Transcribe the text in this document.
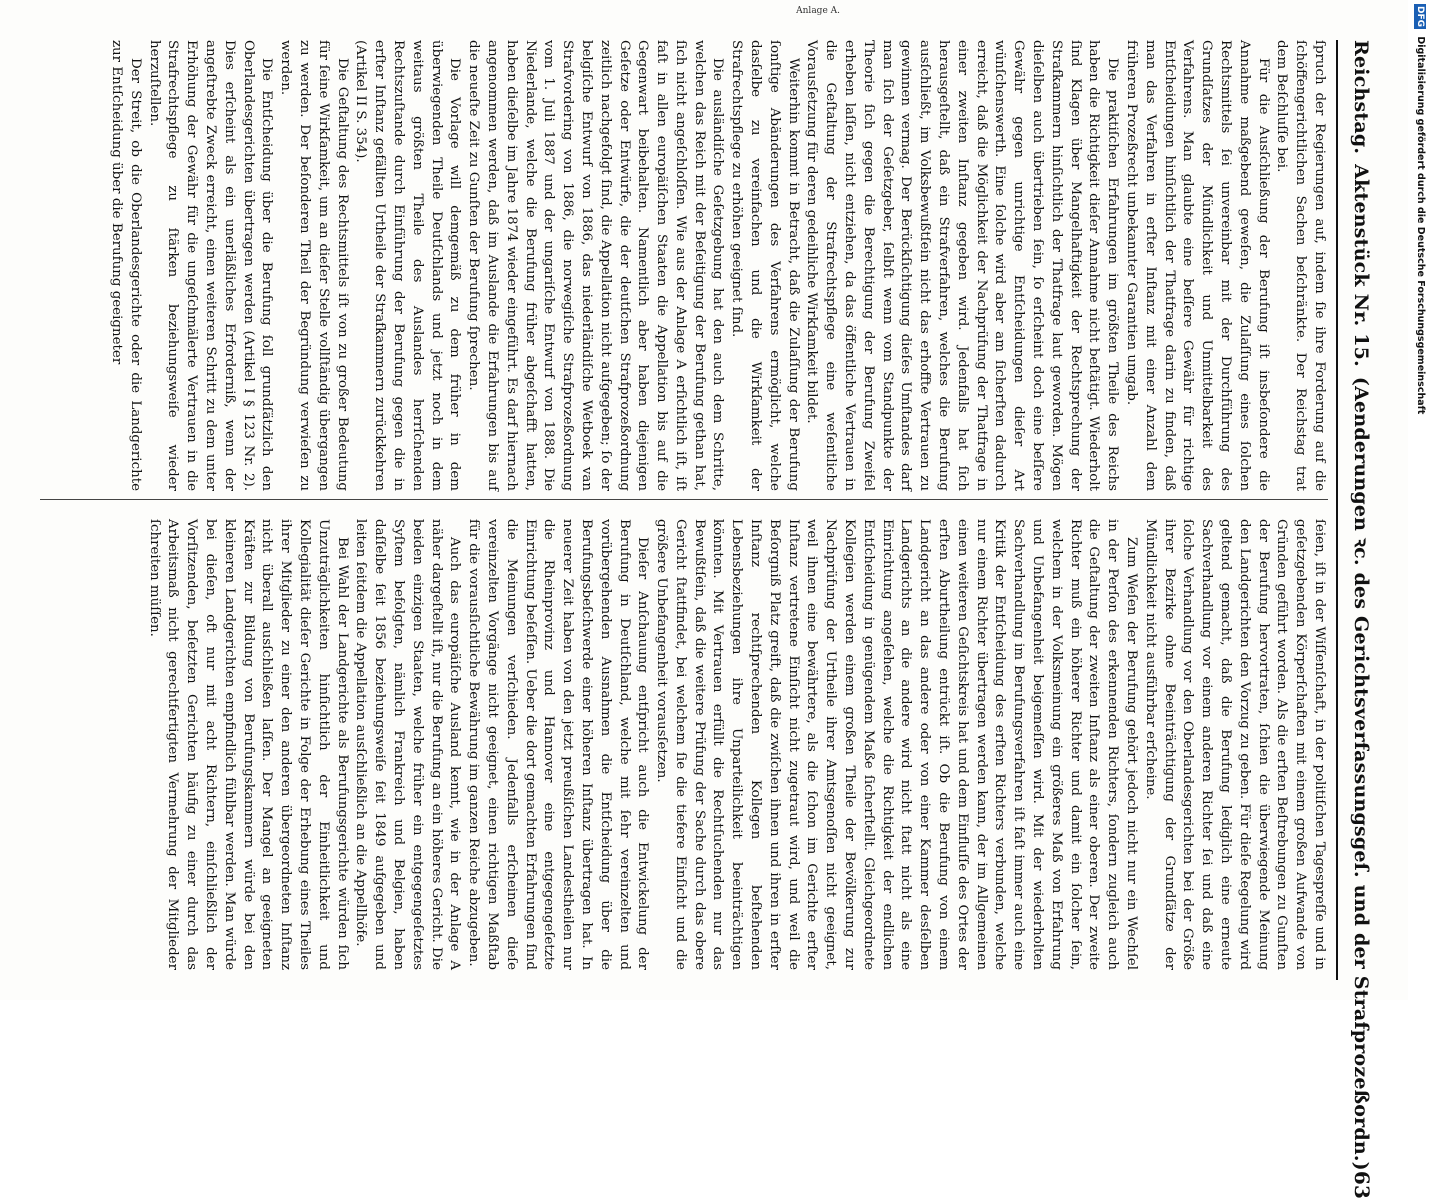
Reichstag.
Aktenstück Nr. 15.
(Aenderungen ꝛc. des Gerichtsverfassungsgeſ. und der Strafprozeßordn.)
63

ſpruch der Regierungen auf, indem ſie ihre Forderung auf die ſchöffengerichtlichen Sachen beſchränkte. Der Reichstag trat dem Beſchluſſe bei.

Für die Ausſchließung der Berufung iſt insbeſondere die Annahme maßgebend geweſen, die Zulaſſung eines ſolchen Rechtsmittels ſei unvereinbar mit der Durchführung des Grundſatzes der Mündlichkeit und Unmittelbarkeit des Verfahrens. Man glaubte eine beſſere Gewähr für richtige Entſcheidungen hinſichtlich der Thatfrage darin zu finden, daß man das Verfahren in erſter Inſtanz mit einer Anzahl dem früheren Prozeßrecht unbekannter Garantien umgab.

Die praktiſchen Erfahrungen im größten Theile des Reichs haben die Richtigkeit dieſer Annahme nicht beſtätigt. Wiederholt ſind Klagen über Mangelhaftigkeit der Rechtsprechung der Strafkammern hinſichtlich der Thatfrage laut geworden. Mögen dieſelben auch übertrieben ſein, ſo erſcheint doch eine beſſere Gewähr gegen unrichtige Entſcheidungen dieſer Art wünſchenswerth. Eine ſolche wird aber am ſicherſten dadurch erreicht, daß die Möglichkeit der Nachprüfung der Thatfrage in einer zweiten Inſtanz gegeben wird. Jedenfalls hat ſich herausgeſtellt, daß ein Strafverfahren, welches die Berufung ausſchließt, im Volksbewußtſein nicht das erhoffte Vertrauen zu gewinnen vermag. Der Berückſichtigung dieſes Umſtandes darf man ſich der Geſetzgeber, ſelbſt wenn vom Standpunkte der Theorie ſich gegen die Berechtigung der Berufung Zweifel erheben laſſen, nicht entziehen, da das öffentliche Vertrauen in die Geſtaltung der Strafrechtspflege eine weſentliche Vorausſetzung für deren gedeihliche Wirkſamkeit bildet.

Weiterhin kommt in Betracht, daß die Zulaſſung der Berufung ſonſtige Abänderungen des Verfahrens ermöglicht, welche dasſelbe zu vereinfachen und die Wirkſamkeit der Strafrechtspflege zu erhöhen geeignet ſind.

Die ausländiſche Geſetzgebung hat den auch dem Schritte, welchen das Reich mit der Beſeitigung der Berufung gethan hat, ſich nicht angeſchloſſen. Wie aus der Anlage A erſichtlich iſt, iſt faſt in allen europäiſchen Staaten die Appellation bis auf die Gegenwart beibehalten. Namentlich aber haben diejenigen Geſetze oder Entwürfe, die der deutſchen Strafprozeßordnung zeitlich nachgefolgt ſind, die Appellation nicht aufgegeben; ſo der belgiſche Entwurf von 1886, das niederländiſche Wetboek van Strafvordering von 1886, die norwegiſche Strafprozeßordnung vom 1. Juli 1887 und der ungariſche Entwurf von 1888. Die Niederlande, welche die Berufung früher abgeſchafft hatten, haben dieſelbe im Jahre 1874 wieder eingeführt. Es darf hiernach angenommen werden, daß im Auslande die Erfahrungen bis auf die neueſte Zeit zu Gunſten der Berufung ſprechen.

Die Vorlage will demgemäß zu dem früher in dem überwiegenden Theile Deutſchlands und jetzt noch in dem weitaus größten Theile des Auslandes herrſchenden Rechtszuſtande durch Einführung der Berufung gegen die in erſter Inſtanz gefällten Urtheile der Strafkammern zurückkehren (Artikel II S. 354).

Die Geſtaltung des Rechtsmittels iſt von zu großer Bedeutung für ſeine Wirkſamkeit, um an dieſer Stelle vollſtändig übergangen zu werden. Der beſonderen Theil der Begründung verwieſen zu werden.

Die Entſcheidung über die Berufung ſoll grundſätzlich den Oberlandesgerichten übertragen werden (Artikel I § 123 Nr. 2). Dies erſcheint als ein unerläßliches Erforderniß, wenn der angeſtrebte Zweck erreicht, einen weiteren Schritt zu dem unter Erhöhung der Gewähr für die ungeſchmälerte Vertrauen in die Strafrechtspflege zu ſtärken beziehungsweiſe wieder herzuſtellen.

Der Streit, ob die Oberlandesgerichte oder die Landgerichte zur Entſcheidung über die Berufung geeigneter

ſeien, iſt in der Wiſſenſchaft, in der politiſchen Tagespreſſe und in geſetzgebenden Körperſchaften mit einem großen Aufwande von Gründen geführt worden. Als die erſten Beſtrebungen zu Gunſten der Berufung hervortraten, ſchien die überwiegende Meinung den Landgerichten den Vorzug zu geben. Für dieſe Regelung wird geltend gemacht, daß die Berufung lediglich eine erneute Sachverhandlung vor einem anderen Richter ſei und daß eine ſolche Verhandlung vor den Oberlandesgerichten bei der Größe ihrer Bezirke ohne Beeinträchtigung der Grundſätze der Mündlichkeit nicht ausführbar erſcheine.

Zum Weſen der Berufung gehört jedoch nicht nur ein Wechſel in der Perſon des erkennenden Richters, ſondern zugleich auch die Geſtaltung der zweiten Inſtanz als einer oberen. Der zweite Richter muß ein höherer Richter und damit ein ſolcher ſein, welchem in der Volksmeinung ein größeres Maß von Erfahrung und Unbefangenheit beigemeſſen wird. Mit der wiederholten Sachverhandlung im Berufungsverfahren iſt faſt immer auch eine Kritik der Entſcheidung des erſten Richters verbunden, welche nur einem Richter übertragen werden kann, der im Allgemeinen einen weiteren Geſichtskreis hat und dem Einfluſſe des Ortes der erſten Aburtheilung entrückt iſt. Ob die Berufung von einem Landgericht an das andere oder von einer Kammer desſelben Landgerichts an die andere wird nicht ſtatt nicht als eine Einrichtung angeſehen, welche die Richtigkeit der endlichen Entſcheidung in genügendem Maße ſicherſtellt. Gleichgeordnete Kollegien werden einem großen Theile der Bevölkerung zur Nachprüfung der Urtheile ihrer Amtsgenoſſen nicht geeignet, weil ihnen eine bewährtere, als die ſchon im Gerichte erſter Inſtanz vertretene Einſicht nicht zugetraut wird, und weil die Beſorgniß Platz greift, daß die zwiſchen ihnen und ihren in erſter Inſtanz rechtſprechenden Kollegen beſtehenden Lebensbeziehungen ihre Unparteilichkeit beeinträchtigen könnten. Mit Vertrauen erfüllt die Rechtſuchenden nur das Bewußtſein, daß die weitere Prüfung der Sache durch das obere Gericht ſtattfindet, bei welchem ſie die tiefere Einſicht und die größere Unbefangenheit vorausſetzen.

Dieſer Anſchauung entſpricht auch die Entwickelung der Berufung in Deutſchland, welche mit ſehr vereinzelten und vorübergehenden Ausnahmen die Entſcheidung über die Berufungsbeſchwerde einer höheren Inſtanz übertragen hat. In neuerer Zeit haben von den jetzt preußiſchen Landestheilen nur die Rheinprovinz und Hannover eine entgegengeſetzte Einrichtung beſeſſen. Ueber die dort gemachten Erfahrungen ſind die Meinungen verſchieden. Jedenfalls erſcheinen dieſe vereinzelten Vorgänge nicht geeignet, einen richtigen Maßſtab für die vorausſichtliche Bewährung im ganzen Reiche abzugeben.

Auch das europäiſche Ausland kennt, wie in der Anlage A näher dargeſtellt iſt, nur die Berufung an ein höheres Gericht. Die beiden einzigen Staaten, welche früher ein entgegengeſetztes Syſtem befolgten, nämlich Frankreich und Belgien, haben daſſelbe ſeit 1856 beziehungsweiſe ſeit 1849 aufgegeben und leiten ſeitdem die Appellation ausſchließlich an die Appellhöfe.

Bei Wahl der Landgerichte als Berufungsgerichte würden ſich Unzuträglichkeiten hinſichtlich der Einheitlichkeit und Kollegialität dieſer Gerichte in Folge der Erhebung eines Theiles ihrer Mitglieder zu einer den anderen übergeordneten Inſtanz nicht überall ausſchließen laſſen. Der Mangel an geeigneten Kräften zur Bildung von Berufungskammern würde bei den kleineren Landgerichten empfindlich fühlbar werden. Man würde bei dieſen, oft nur mit acht Richtern, einſchließlich der Vorſitzenden, beſetzten Gerichten häufig zu einer durch das Arbeitsmaß nicht gerechtfertigten Vermehrung der Mitglieder ſchreiten müſſen.

Anlage A.	DFG Digitalisierung gefördert durch die Deutsche Forschungsgemeinschaft
